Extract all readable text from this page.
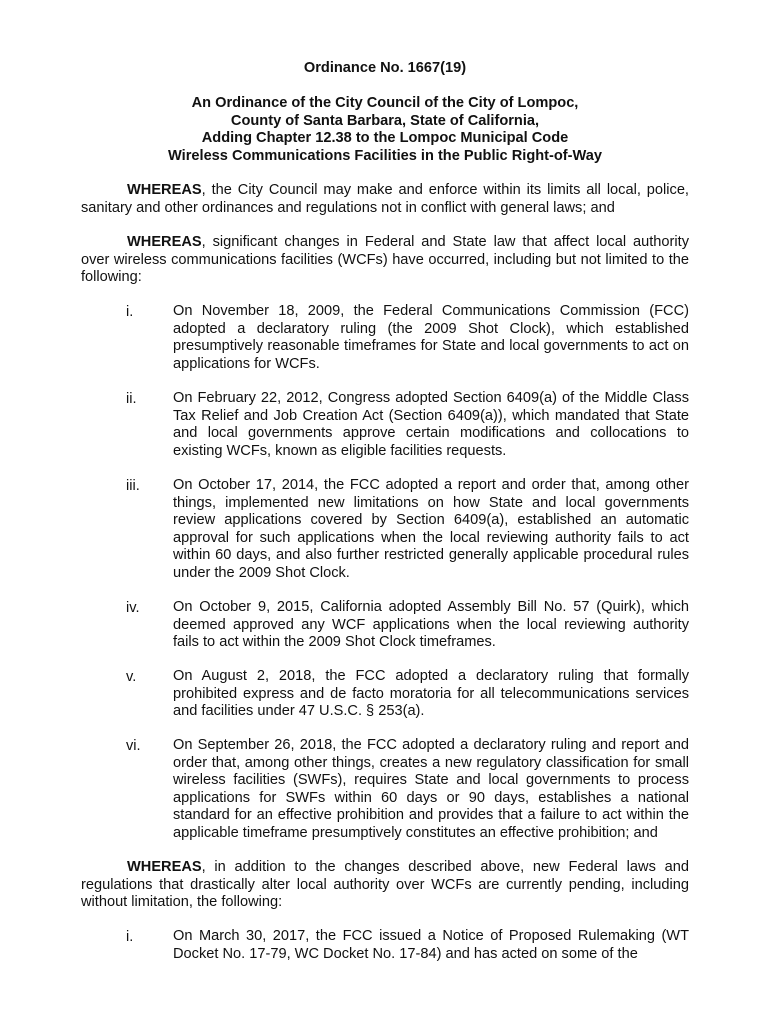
Ordinance No. 1667(19)
An Ordinance of the City Council of the City of Lompoc,
County of Santa Barbara, State of California,
Adding Chapter 12.38 to the Lompoc Municipal Code
Wireless Communications Facilities in the Public Right-of-Way
WHEREAS, the City Council may make and enforce within its limits all local, police, sanitary and other ordinances and regulations not in conflict with general laws; and
WHEREAS, significant changes in Federal and State law that affect local authority over wireless communications facilities (WCFs) have occurred, including but not limited to the following:
i.	On November 18, 2009, the Federal Communications Commission (FCC) adopted a declaratory ruling (the 2009 Shot Clock), which established presumptively reasonable timeframes for State and local governments to act on applications for WCFs.
ii.	On February 22, 2012, Congress adopted Section 6409(a) of the Middle Class Tax Relief and Job Creation Act (Section 6409(a)), which mandated that State and local governments approve certain modifications and collocations to existing WCFs, known as eligible facilities requests.
iii.	On October 17, 2014, the FCC adopted a report and order that, among other things, implemented new limitations on how State and local governments review applications covered by Section 6409(a), established an automatic approval for such applications when the local reviewing authority fails to act within 60 days, and also further restricted generally applicable procedural rules under the 2009 Shot Clock.
iv.	On October 9, 2015, California adopted Assembly Bill No. 57 (Quirk), which deemed approved any WCF applications when the local reviewing authority fails to act within the 2009 Shot Clock timeframes.
v.	On August 2, 2018, the FCC adopted a declaratory ruling that formally prohibited express and de facto moratoria for all telecommunications services and facilities under 47 U.S.C. § 253(a).
vi.	On September 26, 2018, the FCC adopted a declaratory ruling and report and order that, among other things, creates a new regulatory classification for small wireless facilities (SWFs), requires State and local governments to process applications for SWFs within 60 days or 90 days, establishes a national standard for an effective prohibition and provides that a failure to act within the applicable timeframe presumptively constitutes an effective prohibition; and
WHEREAS, in addition to the changes described above, new Federal laws and regulations that drastically alter local authority over WCFs are currently pending, including without limitation, the following:
i.	On March 30, 2017, the FCC issued a Notice of Proposed Rulemaking (WT Docket No. 17-79, WC Docket No. 17-84) and has acted on some of the
